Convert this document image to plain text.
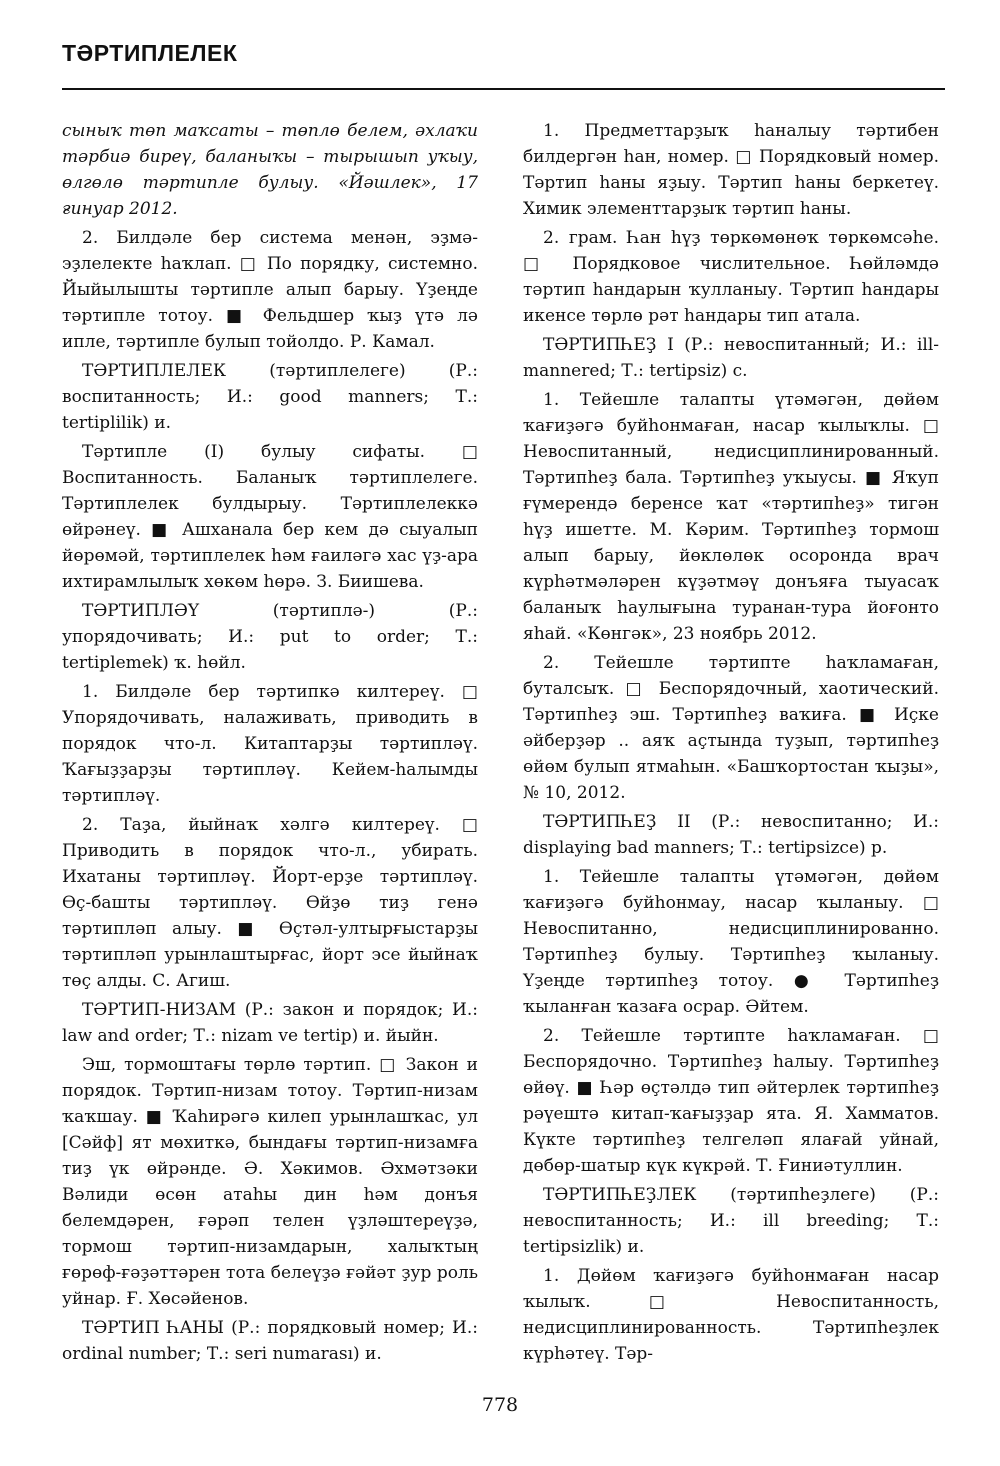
ТӘРТИПЛЕЛЕК

сыныҡ төп маҡсаты – төплө белем, әхлаҡи тәрбиә биреү, баланыҡы – тырышып уҡыу, өлгөлө тәртипле булыу. «Йәшлек», 17 ғинуар 2012.

2. Билдәле бер система менән, эҙмә-эҙлелекте һаҡлап. □ По порядку, системно. Йыйылышты тәртипле алып барыу. Үҙеңде тәртипле тотоу. ■ Фельдшер ҡыҙ үтә лә ипле, тәртипле булып тойолдо. Р. Камал.

ТӘРТИПЛЕЛЕК (тәртиплелеге) (Р.: воспитанность; И.: good manners; Т.: tertiplilik) и.

Тәртипле (I) булыу сифаты. □ Воспитанность. Баланыҡ тәртиплелеге. Тәртиплелек булдырыу. Тәртиплелеккә өйрәнеү. ■ Ашханала бер кем дә сыуалып йөрөмәй, тәртиплелек һәм ғаиләгә хас үҙ-ара ихтирамлылыҡ хөкөм һөрә. З. Биишева.

ТӘРТИПЛӘҮ (тәртиплә-) (Р.: упорядочивать; И.: put to order; Т.: tertiplemek) ҡ. һөйл.

1. Билдәле бер тәртипкә килтереү. □ Упорядочивать, налаживать, приводить в порядок что-л. Китаптарҙы тәртипләү. Ҡағыҙҙарҙы тәртипләү. Кейем-һалымды тәртипләү.

2. Таҙа, йыйнаҡ хәлгә килтереү. □ Приводить в порядок что-л., убирать. Ихатаны тәртипләү. Йорт-ерҙе тәртипләү. Өҫ-башты тәртипләү. Өйҙө тиҙ генә тәртипләп алыу. ■ Өҫтәл-ултырғыстарҙы тәртипләп урынлаштырғас, йорт эсе йыйнаҡ төҫ алды. С. Агиш.

ТӘРТИП-НИЗАМ (Р.: закон и порядок; И.: law and order; Т.: nizam ve tertip) и. йыйн.

Эш, тормоштағы төрлө тәртип. □ Закон и порядок. Тәртип-низам тотоу. Тәртип-низам ҡаҡшау. ■ Ҡаһирәгә килеп урынлашҡас, ул [Сәйф] ят мөхиткә, бындағы тәртип-низамға тиҙ үк өйрәнде. Ә. Хәкимов. Әхмәтзәки Вәлиди өсөн атаһы дин һәм донъя белемдәрен, ғәрәп телен үҙләштереүҙә, тормош тәртип-низамдарын, халыҡтың ғөрөф-ғәҙәттәрен тота белеүҙә ғәйәт ҙур роль уйнар. Ғ. Хөсәйенов.

ТӘРТИП ҺАНЫ (Р.: порядковый номер; И.: ordinal number; Т.: seri numarası) и.

1. Предметтарҙыҡ һаналыу тәртибен билдергән һан, номер. □ Порядковый номер. Тәртип һаны яҙыу. Тәртип һаны беркетеү. Химик элементтарҙыҡ тәртип һаны.

2. грам. Һан һүҙ төркөмөнөҡ төркөмсәһе. □ Порядковое числительное. Һөйләмдә тәртип һандарын ҡулланыу. Тәртип һандары икенсе төрлө рәт һандары тип атала.

ТӘРТИПҺЕҘ I (Р.: невоспитанный; И.: ill-mannered; Т.: tertipsiz) с.

1. Тейешле талапты үтәмәгән, дөйөм ҡағиҙәгә буйһонмаған, насар ҡылыҡлы. □ Невоспитанный, недисциплинированный. Тәртипһеҙ бала. Тәртипһеҙ уҡыусы. ■ Яҡуп ғүмерендә беренсе ҡат «тәртипһеҙ» тигән һүҙ ишетте. М. Кәрим. Тәртипһеҙ тормош алып барыу, йөклөлөк осоронда врач күрһәтмәләрен күҙәтмәү донъяға тыуасаҡ баланыҡ һаулығына туранан-тура йоғонто яһай. «Көнгәк», 23 ноябрь 2012.

2. Тейешле тәртипте һаҡламаған, буталсыҡ. □ Беспорядочный, хаотический. Тәртипһеҙ эш. Тәртипһеҙ ваҡиға. ■ Иҫке әйберҙәр .. аяҡ аҫтында туҙып, тәртипһеҙ өйөм булып ятмаһын. «Башҡортостан ҡыҙы», № 10, 2012.

ТӘРТИПҺЕҘ II (Р.: невоспитанно; И.: displaying bad manners; Т.: tertipsizce) р.

1. Тейешле талапты үтәмәгән, дөйөм ҡағиҙәгә буйһонмау, насар ҡыланыу. □ Невоспитанно, недисциплинированно. Тәртипһеҙ булыу. Тәртипһеҙ ҡыланыу. Үҙеңде тәртипһеҙ тотоу. ● Тәртипһеҙ ҡыланған ҡазаға осрар. Әйтем.

2. Тейешле тәртипте һаҡламаған. □ Беспорядочно. Тәртипһеҙ һалыу. Тәртипһеҙ өйөү. ■ Һәр өҫтәлдә тип әйтерлек тәртипһеҙ рәүештә китап-ҡағыҙҙар ята. Я. Хамматов. Күкте тәртипһеҙ телгеләп ялағай уйнай, дөбөр-шатыр күк күкрәй. Т. Ғиниәтуллин.

ТӘРТИПҺЕҘЛЕК (тәртипһеҙлеге) (Р.: невоспитанность; И.: ill breeding; Т.: tertipsizlik) и.

1. Дөйөм ҡағиҙәгә буйһонмаған насар ҡылыҡ. □ Невоспитанность, недисциплинированность. Тәртипһеҙлек күрһәтеү. Тәр-

778
